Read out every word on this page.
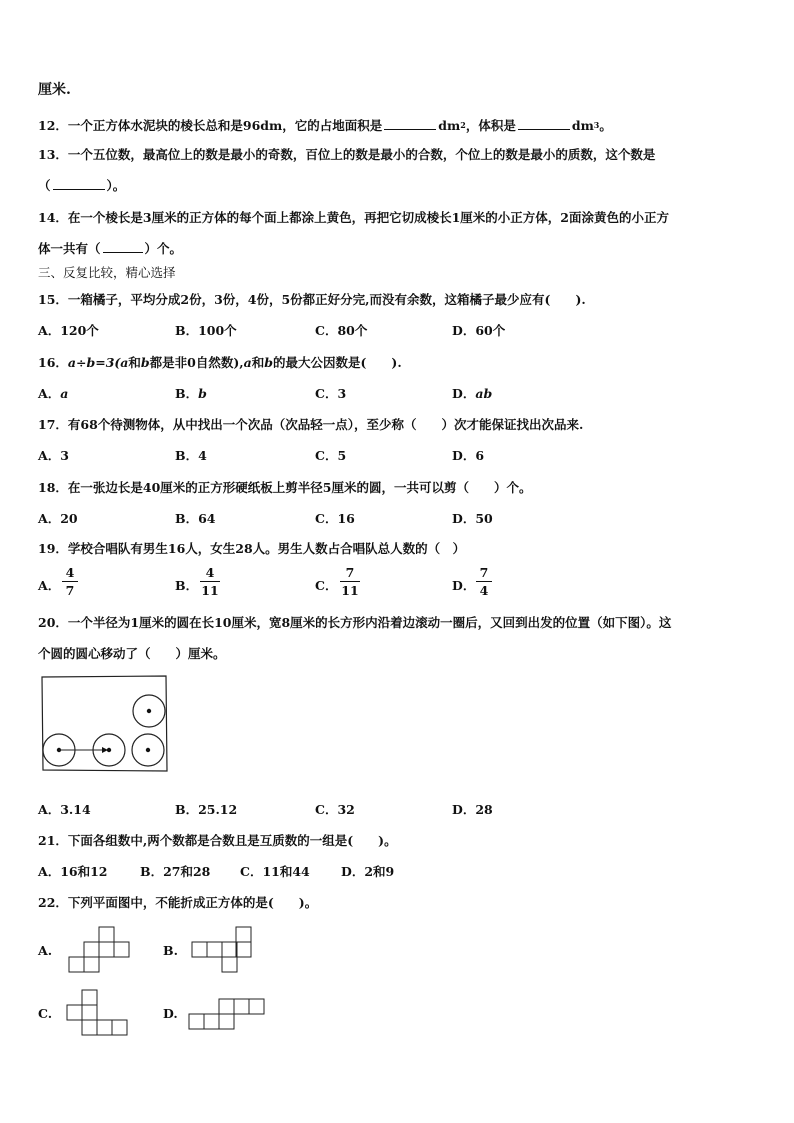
厘米.
12．一个正方体水泥块的棱长总和是96dm，它的占地面积是	$dm^2$，体积是	$dm^3$。
13．一个五位数，最高位上的数是最小的奇数，百位上的数是最小的合数，个位上的数是最小的质数，这个数是
（	）。
14．在一个棱长是3厘米的正方体的每个面上都涂上黄色，再把它切成棱长1厘米的小正方体，2面涂黄色的小正方
体一共有（	）个。
三、反复比较，精心选择
15．一箱橘子，平均分成2份，3份，4份，5份都正好分完,而没有余数，这箱橘子最少应有(　　).
A．120个	B．100个	C．80个	D．60个
16．a÷b=3(a和b都是非0自然数),a和b的最大公因数是(　　).
A．a	B．b	C．3	D．ab
17．有68个待测物体，从中找出一个次品（次品轻一点），至少称（　　）次才能保证找出次品来.
A．3	B．4	C．5	D．6
18．在一张边长是40厘米的正方形硬纸板上剪半径5厘米的圆，一共可以剪（　　）个。
A．20	B．64	C．16	D．50
19．学校合唱队有男生16人，女生28人。男生人数占合唱队总人数的（　）
A．
4
7	B．
4
11	C．
7
11	D．
7
4
20．一个半径为1厘米的圆在长10厘米，宽8厘米的长方形内沿着边滚动一圈后，又回到出发的位置（如下图）。这
个圆的圆心移动了（　　）厘米。
A．3.14	B．25.12	C．32	D．28
21．下面各组数中,两个数都是合数且是互质数的一组是(　　)。
A．16和12	B．27和28 C．11和44	D．2和9
22．下列平面图中，不能折成正方体的是(　　)。
A.	B.
C.	D.
